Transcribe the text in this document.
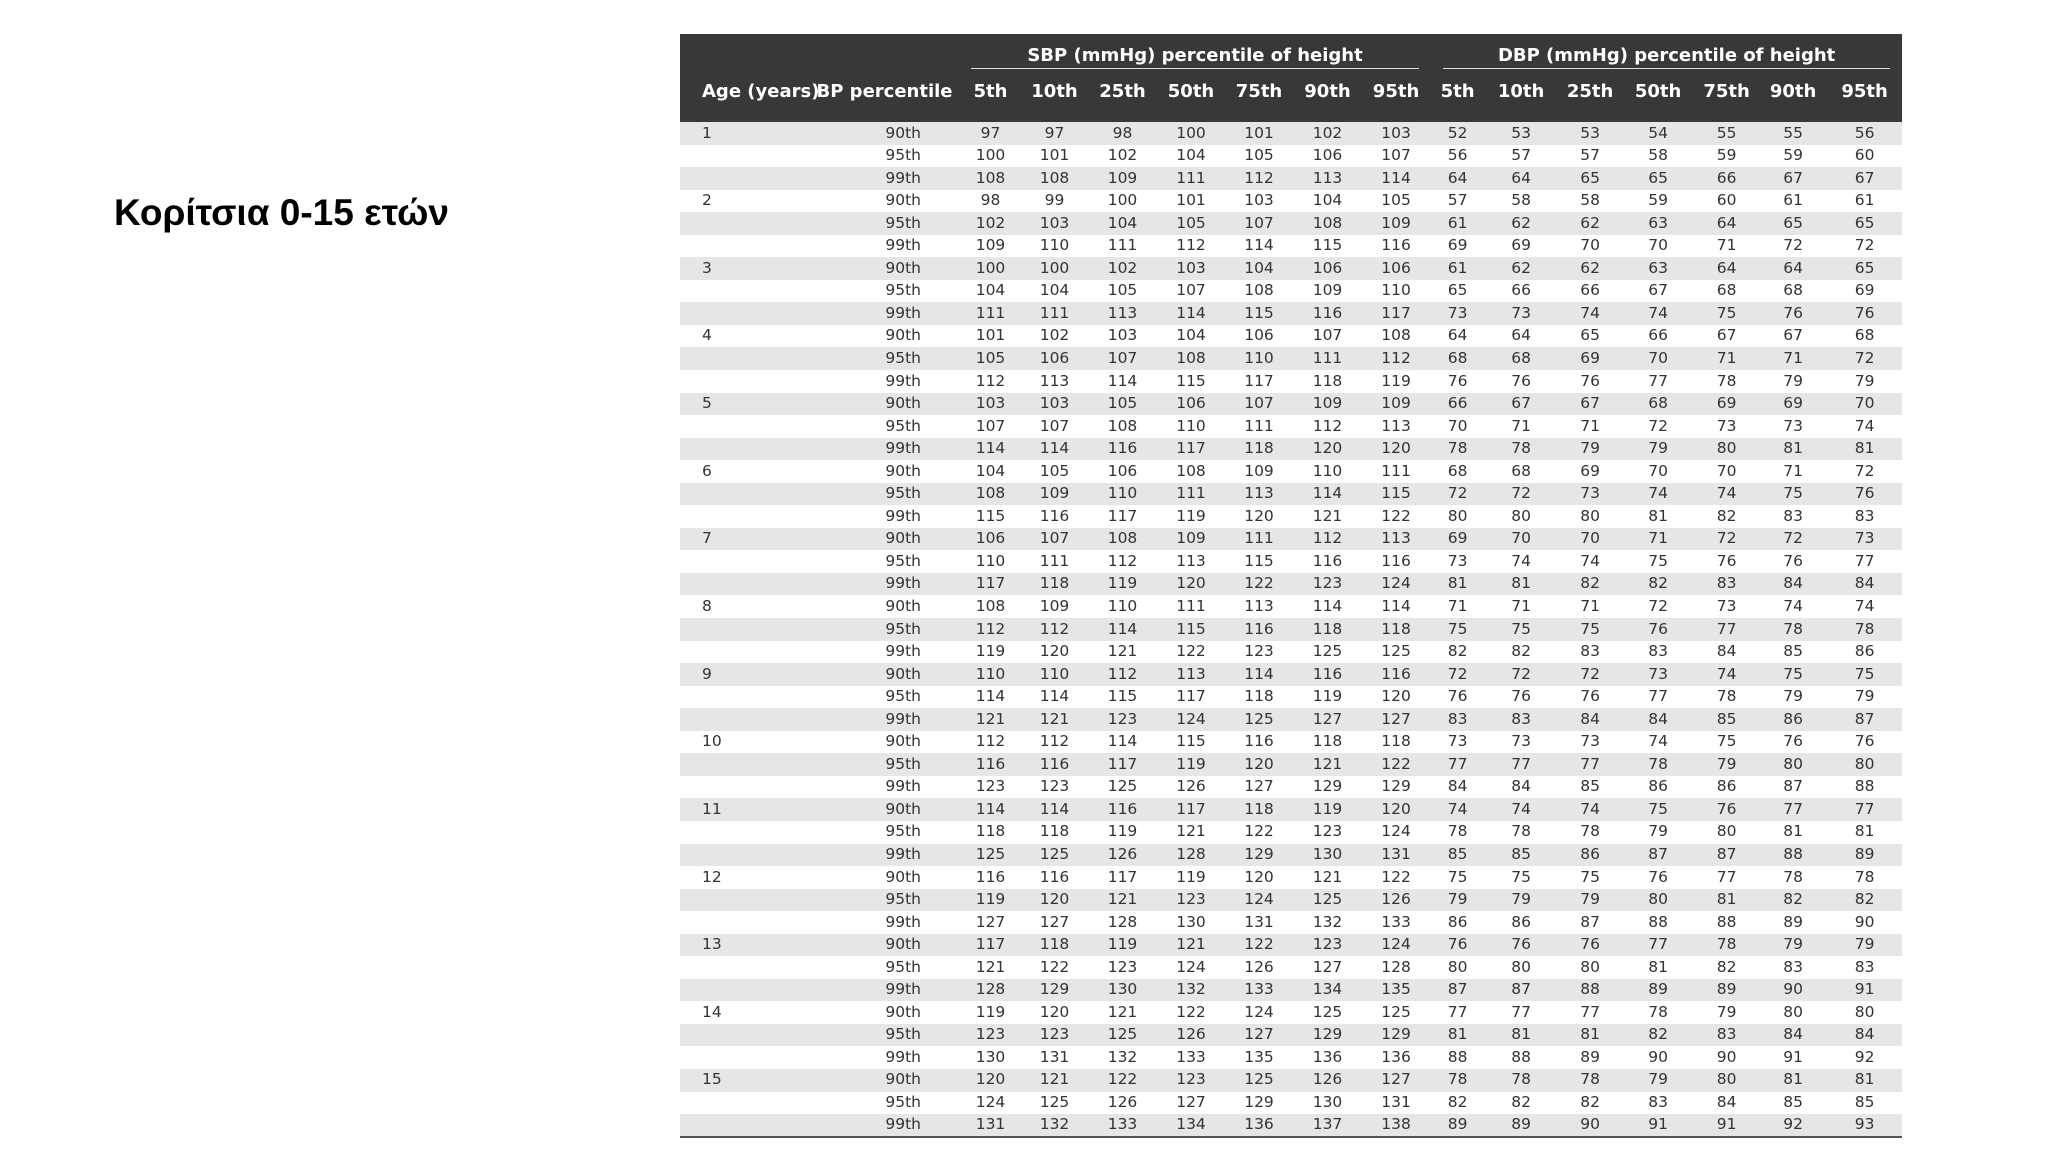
Κορίτσια 0-15 ετών

		SBP (mmHg) percentile of height							DBP (mmHg) percentile of height						

Age (years)	BP percentile	5th	10th	25th	50th	75th	90th	95th	5th	10th	25th	50th	75th	90th	95th

1	90th	97	97	98	100	101	102	103	52	53	53	54	55	55	56
	95th	100	101	102	104	105	106	107	56	57	57	58	59	59	60
	99th	108	108	109	111	112	113	114	64	64	65	65	66	67	67
2	90th	98	99	100	101	103	104	105	57	58	58	59	60	61	61
	95th	102	103	104	105	107	108	109	61	62	62	63	64	65	65
	99th	109	110	111	112	114	115	116	69	69	70	70	71	72	72
3	90th	100	100	102	103	104	106	106	61	62	62	63	64	64	65
	95th	104	104	105	107	108	109	110	65	66	66	67	68	68	69
	99th	111	111	113	114	115	116	117	73	73	74	74	75	76	76
4	90th	101	102	103	104	106	107	108	64	64	65	66	67	67	68
	95th	105	106	107	108	110	111	112	68	68	69	70	71	71	72
	99th	112	113	114	115	117	118	119	76	76	76	77	78	79	79
5	90th	103	103	105	106	107	109	109	66	67	67	68	69	69	70
	95th	107	107	108	110	111	112	113	70	71	71	72	73	73	74
	99th	114	114	116	117	118	120	120	78	78	79	79	80	81	81
6	90th	104	105	106	108	109	110	111	68	68	69	70	70	71	72
	95th	108	109	110	111	113	114	115	72	72	73	74	74	75	76
	99th	115	116	117	119	120	121	122	80	80	80	81	82	83	83
7	90th	106	107	108	109	111	112	113	69	70	70	71	72	72	73
	95th	110	111	112	113	115	116	116	73	74	74	75	76	76	77
	99th	117	118	119	120	122	123	124	81	81	82	82	83	84	84
8	90th	108	109	110	111	113	114	114	71	71	71	72	73	74	74
	95th	112	112	114	115	116	118	118	75	75	75	76	77	78	78
	99th	119	120	121	122	123	125	125	82	82	83	83	84	85	86
9	90th	110	110	112	113	114	116	116	72	72	72	73	74	75	75
	95th	114	114	115	117	118	119	120	76	76	76	77	78	79	79
	99th	121	121	123	124	125	127	127	83	83	84	84	85	86	87
10	90th	112	112	114	115	116	118	118	73	73	73	74	75	76	76
	95th	116	116	117	119	120	121	122	77	77	77	78	79	80	80
	99th	123	123	125	126	127	129	129	84	84	85	86	86	87	88
11	90th	114	114	116	117	118	119	120	74	74	74	75	76	77	77
	95th	118	118	119	121	122	123	124	78	78	78	79	80	81	81
	99th	125	125	126	128	129	130	131	85	85	86	87	87	88	89
12	90th	116	116	117	119	120	121	122	75	75	75	76	77	78	78
	95th	119	120	121	123	124	125	126	79	79	79	80	81	82	82
	99th	127	127	128	130	131	132	133	86	86	87	88	88	89	90
13	90th	117	118	119	121	122	123	124	76	76	76	77	78	79	79
	95th	121	122	123	124	126	127	128	80	80	80	81	82	83	83
	99th	128	129	130	132	133	134	135	87	87	88	89	89	90	91
14	90th	119	120	121	122	124	125	125	77	77	77	78	79	80	80
	95th	123	123	125	126	127	129	129	81	81	81	82	83	84	84
	99th	130	131	132	133	135	136	136	88	88	89	90	90	91	92
15	90th	120	121	122	123	125	126	127	78	78	78	79	80	81	81
	95th	124	125	126	127	129	130	131	82	82	82	83	84	85	85
	99th	131	132	133	134	136	137	138	89	89	90	91	91	92	93
